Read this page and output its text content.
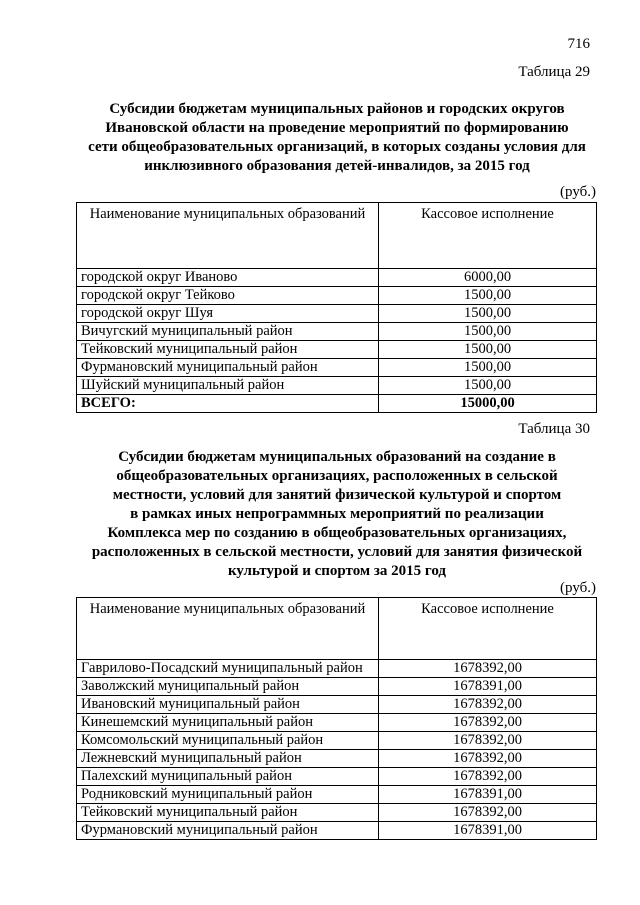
716
Таблица 29
Субсидии бюджетам муниципальных районов и городских округов
Ивановской области на проведение мероприятий по формированию
сети общеобразовательных организаций, в которых созданы условия для
инклюзивного образования детей-инвалидов, за 2015 год
(руб.)
Наименование муниципальных образований	Кассовое исполнение
городской округ Иваново	6000,00
городской округ Тейково	1500,00
городской округ Шуя	1500,00
Вичугский муниципальный район	1500,00
Тейковский муниципальный район	1500,00
Фурмановский муниципальный район	1500,00
Шуйский муниципальный район	1500,00
ВСЕГО:	15000,00
Таблица 30
Субсидии бюджетам муниципальных образований на создание в
общеобразовательных организациях, расположенных в сельской
местности, условий для занятий физической культурой и спортом
в рамках иных непрограммных мероприятий по реализации
Комплекса мер по созданию в общеобразовательных организациях,
расположенных в сельской местности, условий для занятия физической
культурой и спортом за 2015 год
(руб.)
Наименование муниципальных образований	Кассовое исполнение
Гаврилово-Посадский муниципальный район	1678392,00
Заволжский муниципальный район	1678391,00
Ивановский муниципальный район	1678392,00
Кинешемский муниципальный район	1678392,00
Комсомольский муниципальный район	1678392,00
Лежневский муниципальный район	1678392,00
Палехский муниципальный район	1678392,00
Родниковский муниципальный район	1678391,00
Тейковский муниципальный район	1678392,00
Фурмановский муниципальный район	1678391,00
